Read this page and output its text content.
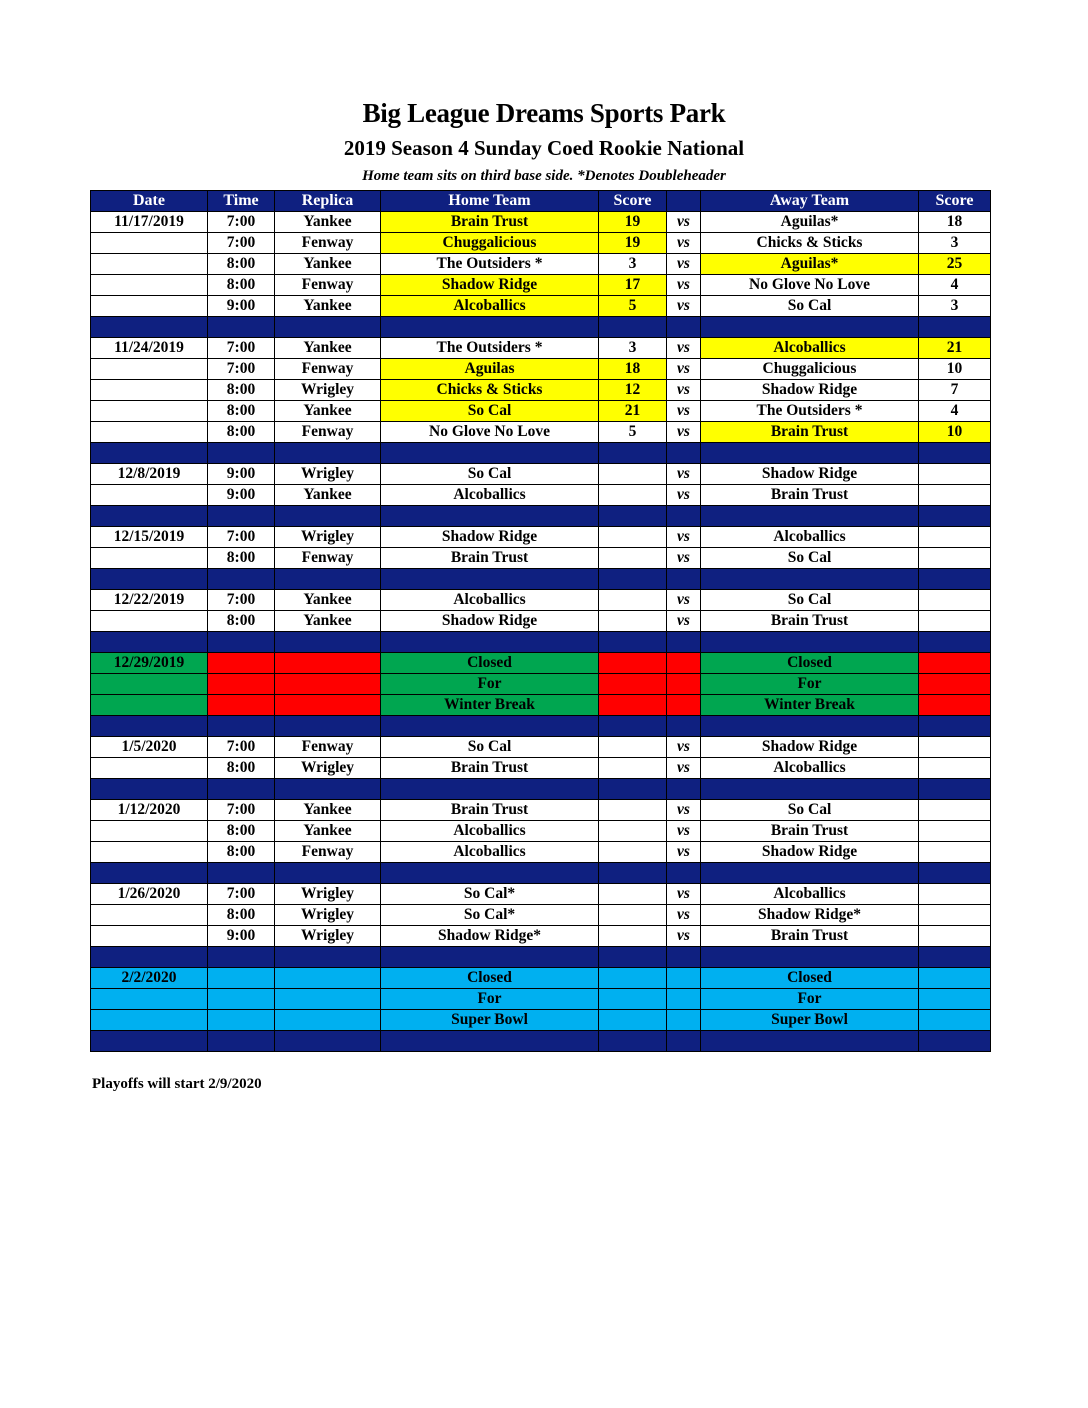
Big League Dreams Sports Park
2019 Season 4 Sunday Coed Rookie National
Home team sits on third base side. *Denotes Doubleheader
Date	Time	Replica	Home Team	Score		Away Team	Score
11/17/2019	7:00	Yankee	Brain Trust	19	vs	Aguilas*	18
	7:00	Fenway	Chuggalicious	19	vs	Chicks & Sticks	3
	8:00	Yankee	The Outsiders *	3	vs	Aguilas*	25
	8:00	Fenway	Shadow Ridge	17	vs	No Glove No Love	4
	9:00	Yankee	Alcoballics	5	vs	So Cal	3

11/24/2019	7:00	Yankee	The Outsiders *	3	vs	Alcoballics	21
	7:00	Fenway	Aguilas	18	vs	Chuggalicious	10
	8:00	Wrigley	Chicks & Sticks	12	vs	Shadow Ridge	7
	8:00	Yankee	So Cal	21	vs	The Outsiders *	4
	8:00	Fenway	No Glove No Love	5	vs	Brain Trust	10

12/8/2019	9:00	Wrigley	So Cal		vs	Shadow Ridge	
	9:00	Yankee	Alcoballics		vs	Brain Trust	

12/15/2019	7:00	Wrigley	Shadow Ridge		vs	Alcoballics	
	8:00	Fenway	Brain Trust		vs	So Cal	

12/22/2019	7:00	Yankee	Alcoballics		vs	So Cal	
	8:00	Yankee	Shadow Ridge		vs	Brain Trust	

12/29/2019			Closed			Closed	
			For			For	
			Winter Break			Winter Break	

1/5/2020	7:00	Fenway	So Cal		vs	Shadow Ridge	
	8:00	Wrigley	Brain Trust		vs	Alcoballics	

1/12/2020	7:00	Yankee	Brain Trust		vs	So Cal	
	8:00	Yankee	Alcoballics		vs	Brain Trust	
	8:00	Fenway	Alcoballics		vs	Shadow Ridge	

1/26/2020	7:00	Wrigley	So Cal*		vs	Alcoballics	
	8:00	Wrigley	So Cal*		vs	Shadow Ridge*	
	9:00	Wrigley	Shadow Ridge*		vs	Brain Trust	

2/2/2020			Closed			Closed	
			For			For	
			Super Bowl			Super Bowl	

Playoffs will start 2/9/2020
